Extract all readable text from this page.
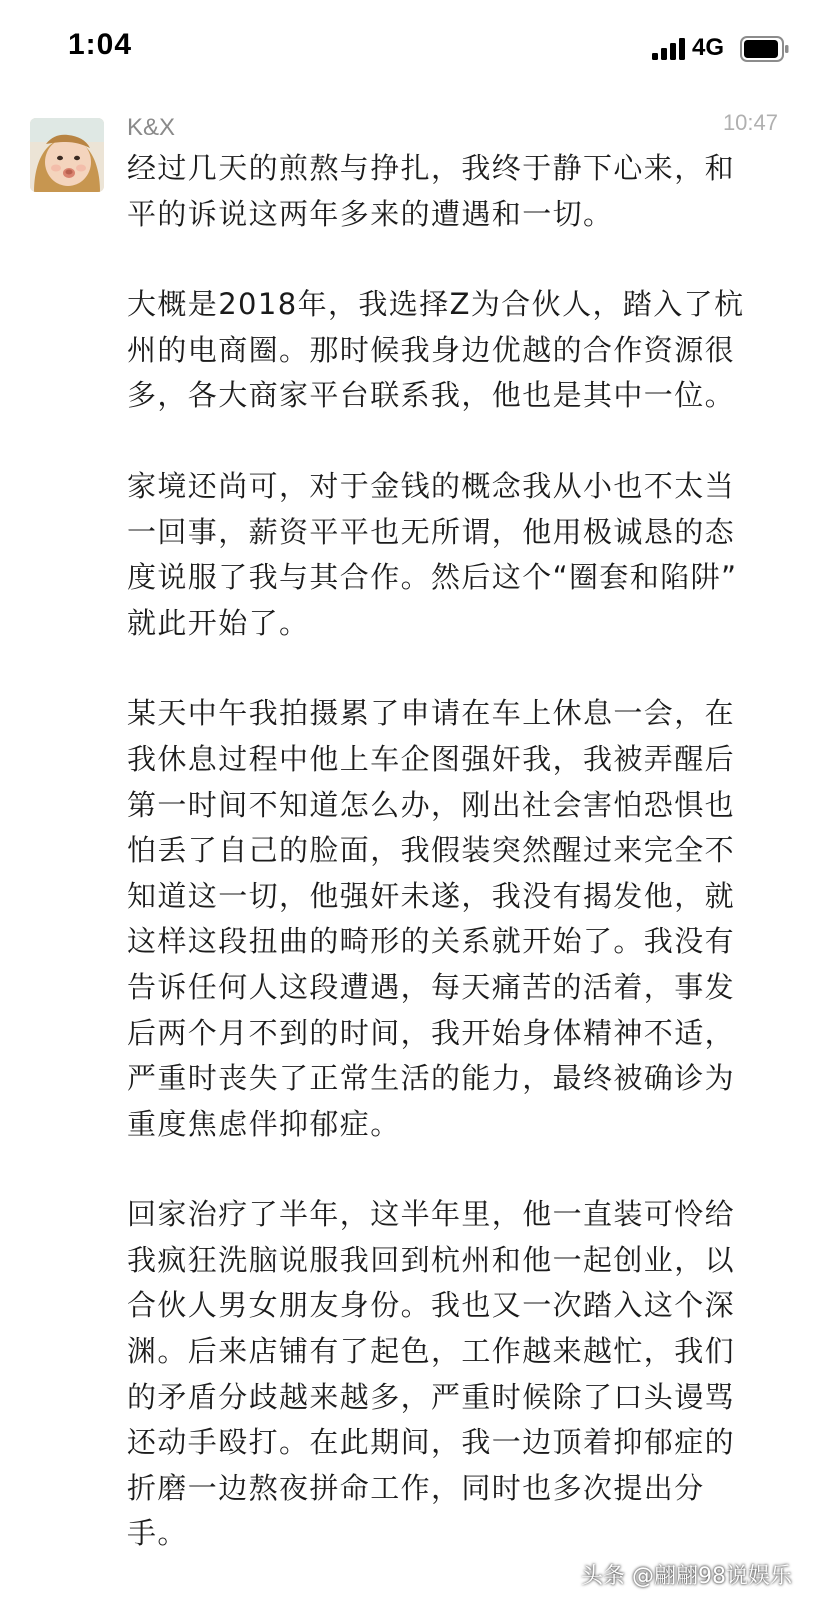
1:04	4G
K&X	10:47

经过几天的煎熬与挣扎，我终于静下心来，和
平的诉说这两年多来的遭遇和一切。

大概是2018年，我选择Z为合伙人，踏入了杭
州的电商圈。那时候我身边优越的合作资源很
多，各大商家平台联系我，他也是其中一位。

家境还尚可，对于金钱的概念我从小也不太当
一回事，薪资平平也无所谓，他用极诚恳的态
度说服了我与其合作。然后这个“圈套和陷阱”
就此开始了。

某天中午我拍摄累了申请在车上休息一会，在
我休息过程中他上车企图强奸我，我被弄醒后
第一时间不知道怎么办，刚出社会害怕恐惧也
怕丢了自己的脸面，我假装突然醒过来完全不
知道这一切，他强奸未遂，我没有揭发他，就
这样这段扭曲的畸形的关系就开始了。我没有
告诉任何人这段遭遇，每天痛苦的活着，事发
后两个月不到的时间，我开始身体精神不适，
严重时丧失了正常生活的能力，最终被确诊为
重度焦虑伴抑郁症。

回家治疗了半年，这半年里，他一直装可怜给
我疯狂洗脑说服我回到杭州和他一起创业，以
合伙人男女朋友身份。我也又一次踏入这个深
渊。后来店铺有了起色，工作越来越忙，我们
的矛盾分歧越来越多，严重时候除了口头谩骂
还动手殴打。在此期间，我一边顶着抑郁症的
折磨一边熬夜拼命工作，同时也多次提出分
手。

头条 @翩翩98说娱乐
